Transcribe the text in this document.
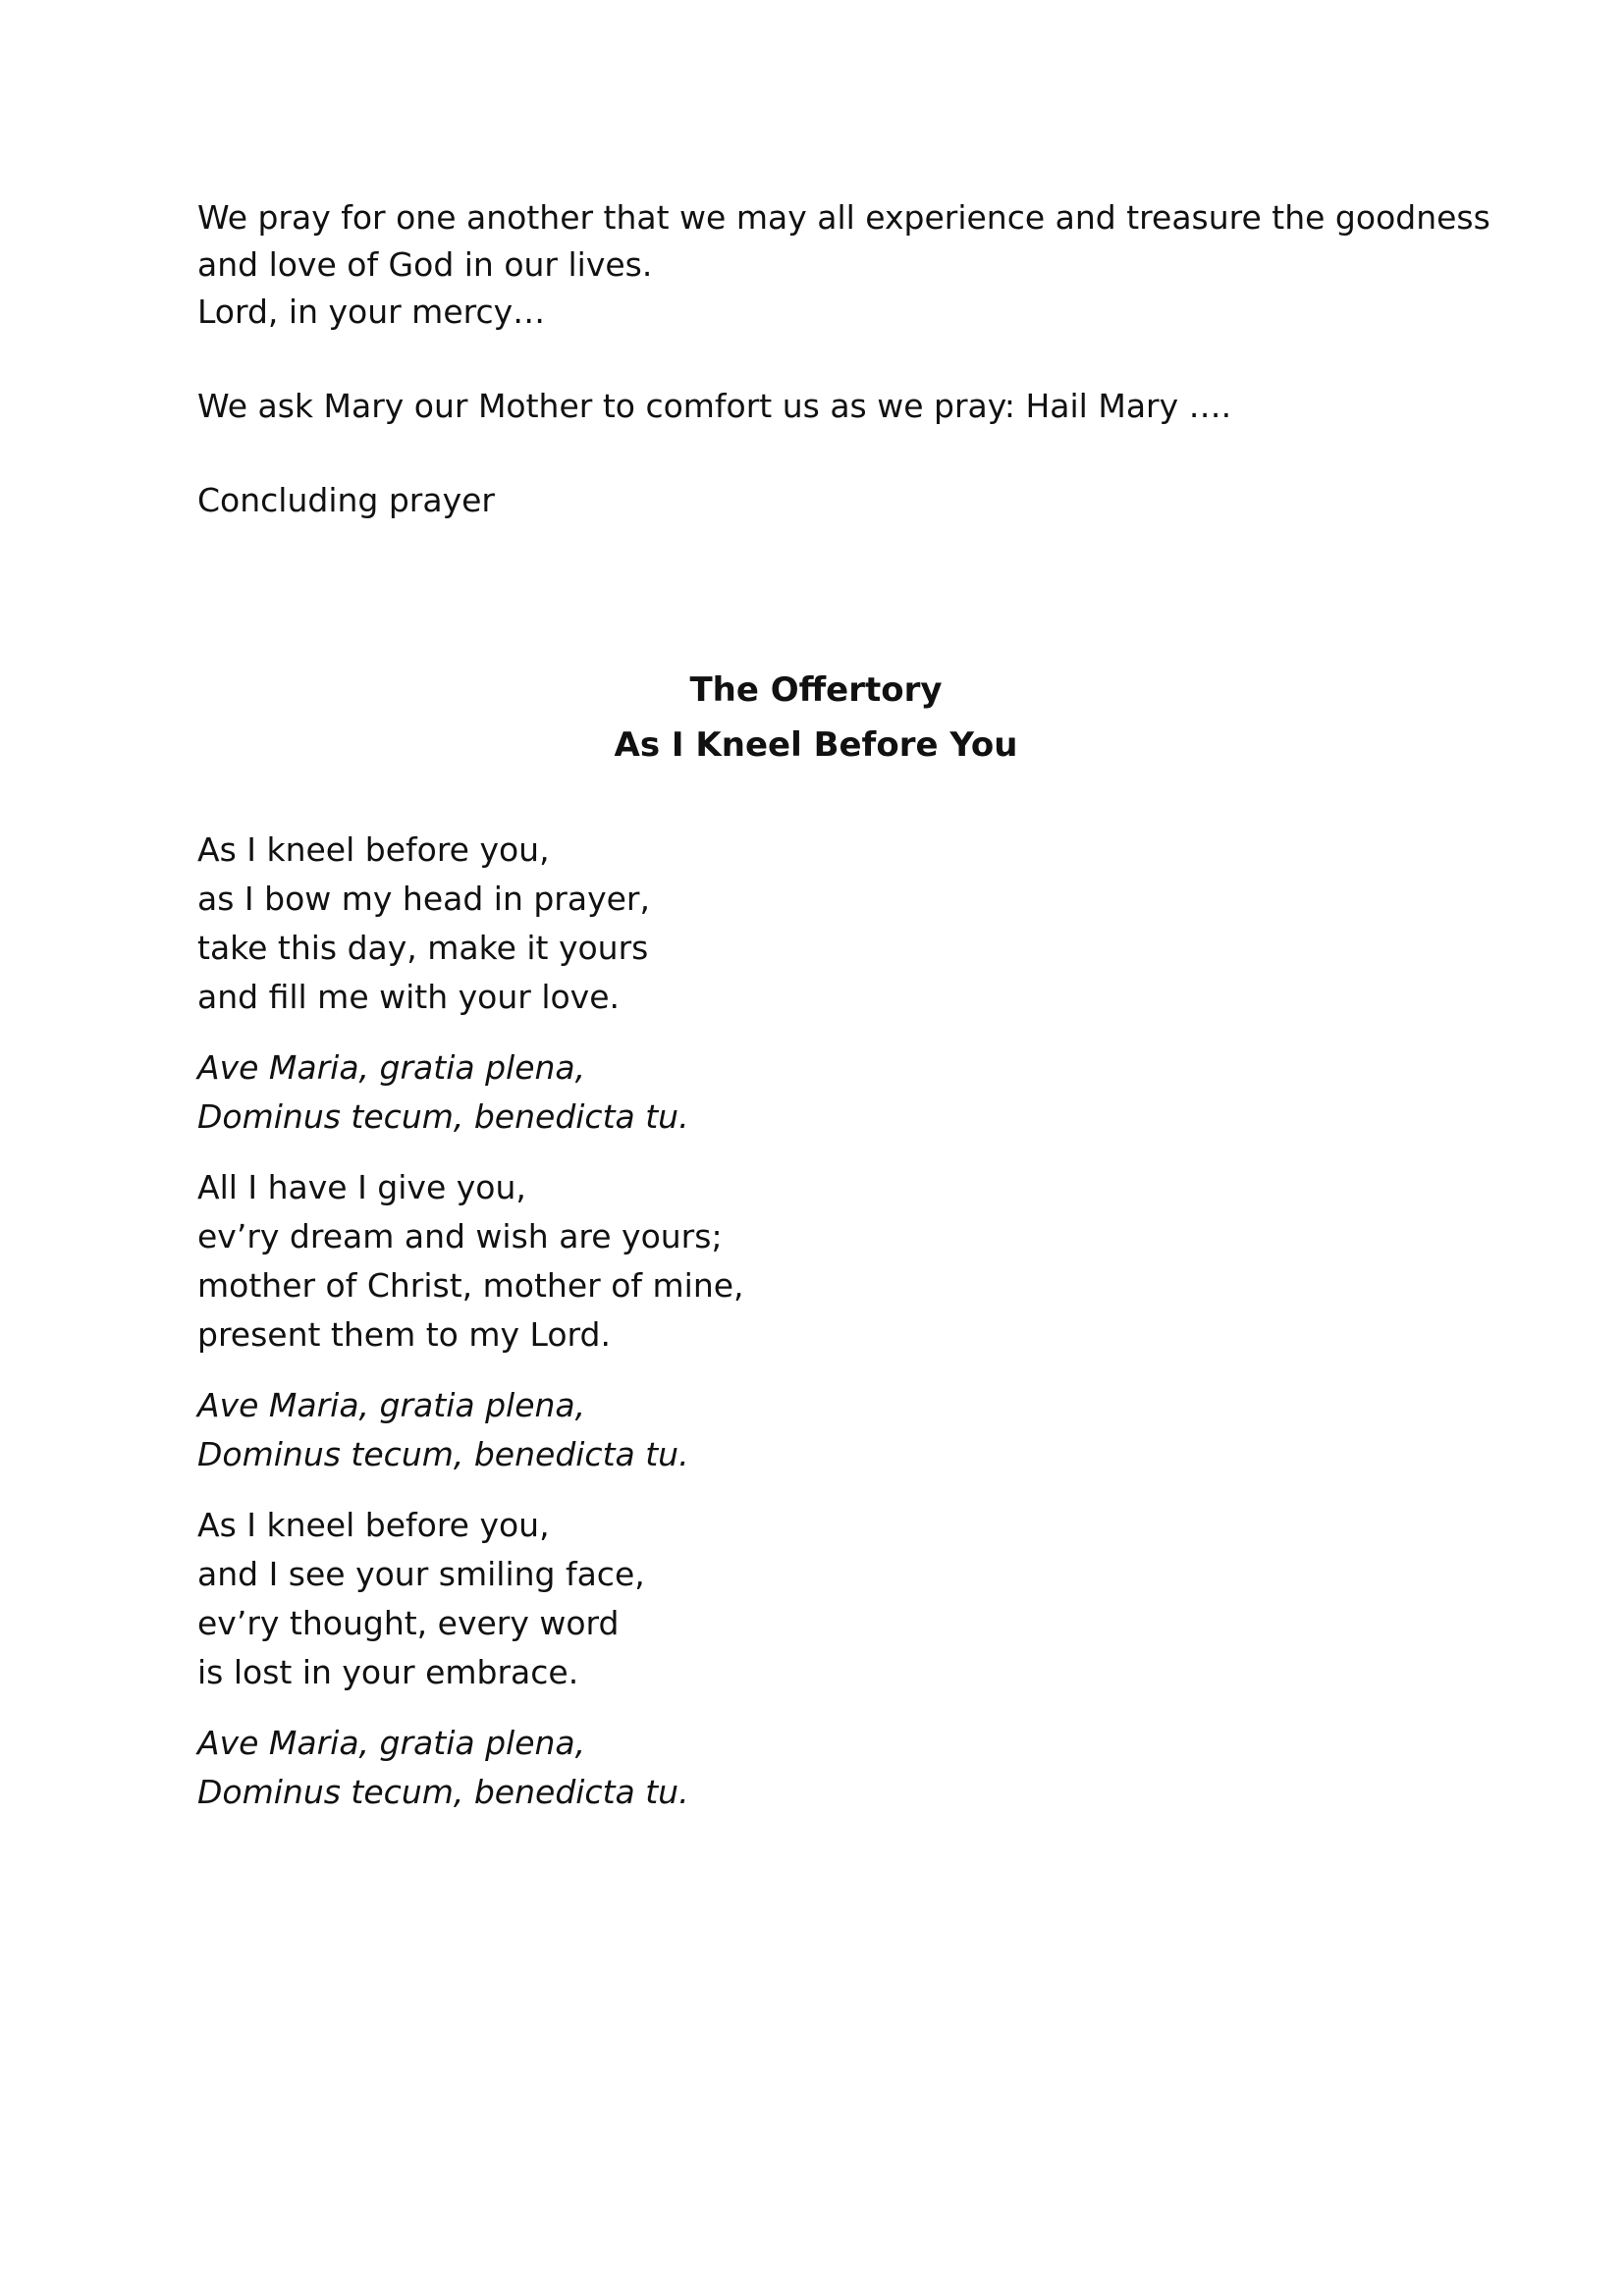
We pray for one another that we may all experience and treasure the goodness

and love of God in our lives.

Lord, in your mercy…

We ask Mary our Mother to comfort us as we pray: Hail Mary ….

Concluding prayer

The Offertory

As I Kneel Before You

As I kneel before you,

as I bow my head in prayer,

take this day, make it yours

and fill me with your love.

Ave Maria, gratia plena,

Dominus tecum, benedicta tu.

All I have I give you,

ev’ry dream and wish are yours;

mother of Christ, mother of mine,

present them to my Lord.

Ave Maria, gratia plena,

Dominus tecum, benedicta tu.

As I kneel before you,

and I see your smiling face,

ev’ry thought, every word

is lost in your embrace.

Ave Maria, gratia plena,

Dominus tecum, benedicta tu.
